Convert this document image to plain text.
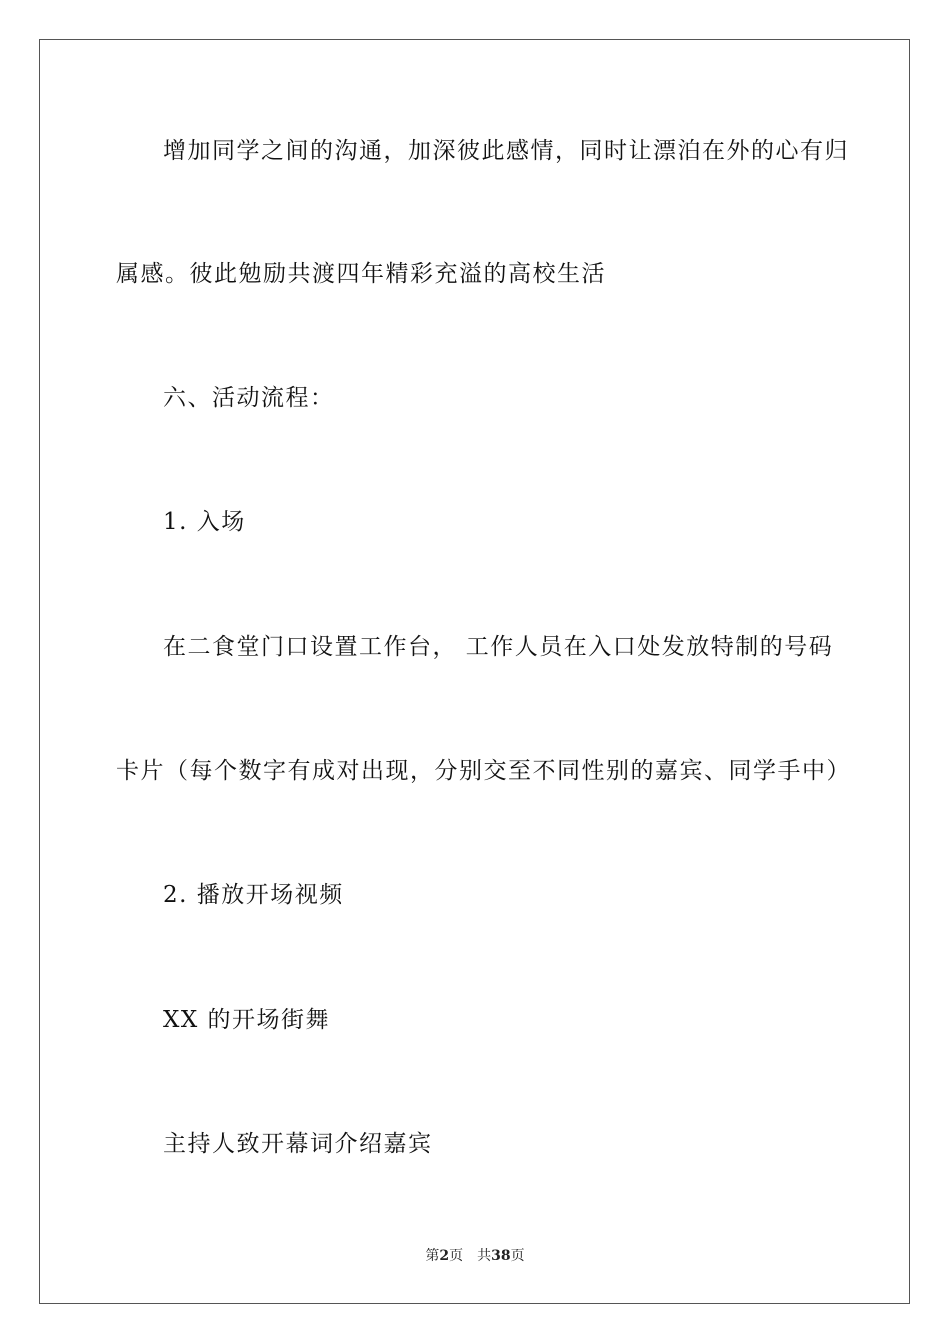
增加同学之间的沟通，加深彼此感情，同时让漂泊在外的心有归
属感。彼此勉励共渡四年精彩充溢的高校生活
六、活动流程：
1. 入场
在二食堂门口设置工作台， 工作人员在入口处发放特制的号码
卡片（每个数字有成对出现，分别交至不同性别的嘉宾、同学手中）
2. 播放开场视频
XX 的开场街舞
主持人致开幕词介绍嘉宾
第2页 共38页
